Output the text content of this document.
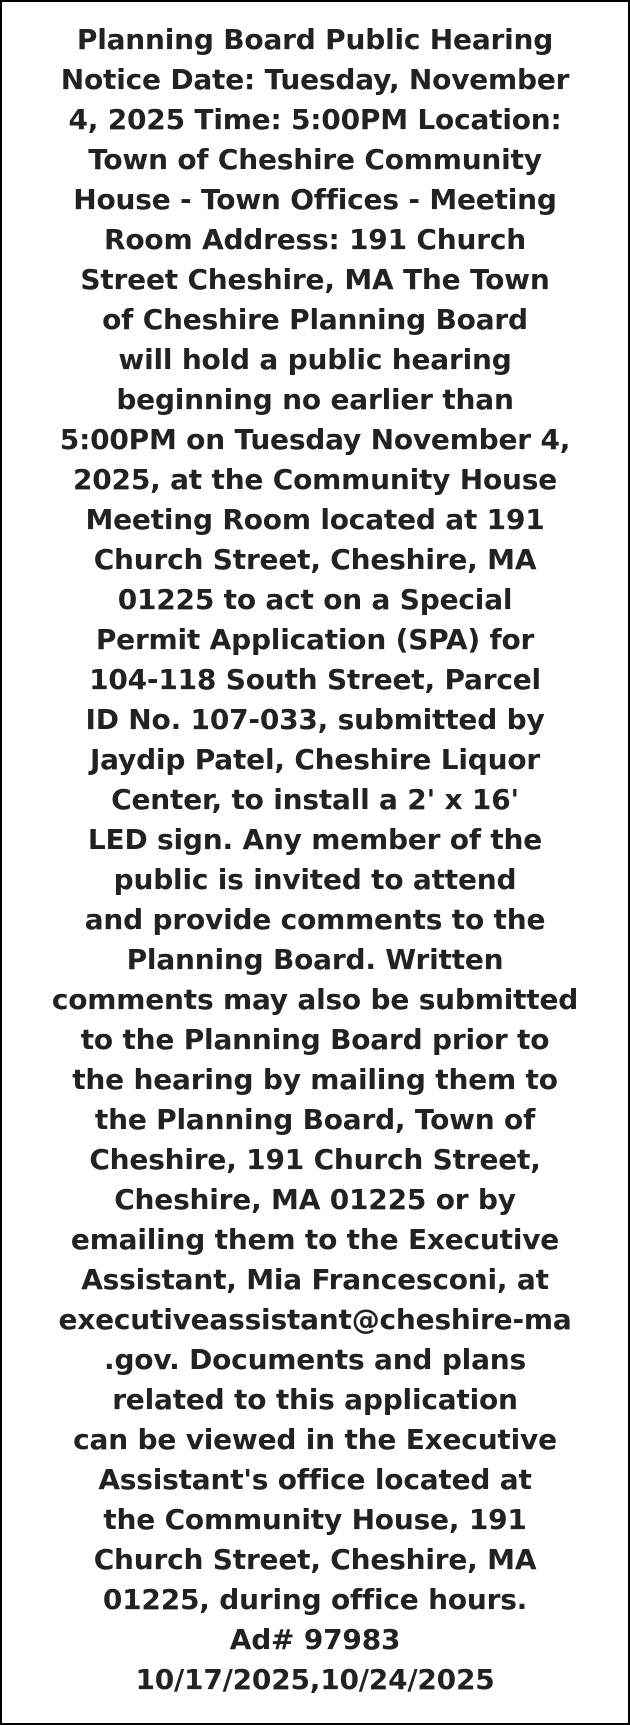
Planning Board Public Hearing
Notice Date: Tuesday, November
4, 2025 Time: 5:00PM Location:
Town of Cheshire Community
House - Town Offices - Meeting
Room Address: 191 Church
Street Cheshire, MA The Town
of Cheshire Planning Board
will hold a public hearing
beginning no earlier than
5:00PM on Tuesday November 4,
2025, at the Community House
Meeting Room located at 191
Church Street, Cheshire, MA
01225 to act on a Special
Permit Application (SPA) for
104-118 South Street, Parcel
ID No. 107-033, submitted by
Jaydip Patel, Cheshire Liquor
Center, to install a 2' x 16'
LED sign. Any member of the
public is invited to attend
and provide comments to the
Planning Board. Written
comments may also be submitted
to the Planning Board prior to
the hearing by mailing them to
the Planning Board, Town of
Cheshire, 191 Church Street,
Cheshire, MA 01225 or by
emailing them to the Executive
Assistant, Mia Francesconi, at
executiveassistant@cheshire-ma
.gov. Documents and plans
related to this application
can be viewed in the Executive
Assistant's office located at
the Community House, 191
Church Street, Cheshire, MA
01225, during office hours.
Ad# 97983
10/17/2025,10/24/2025
